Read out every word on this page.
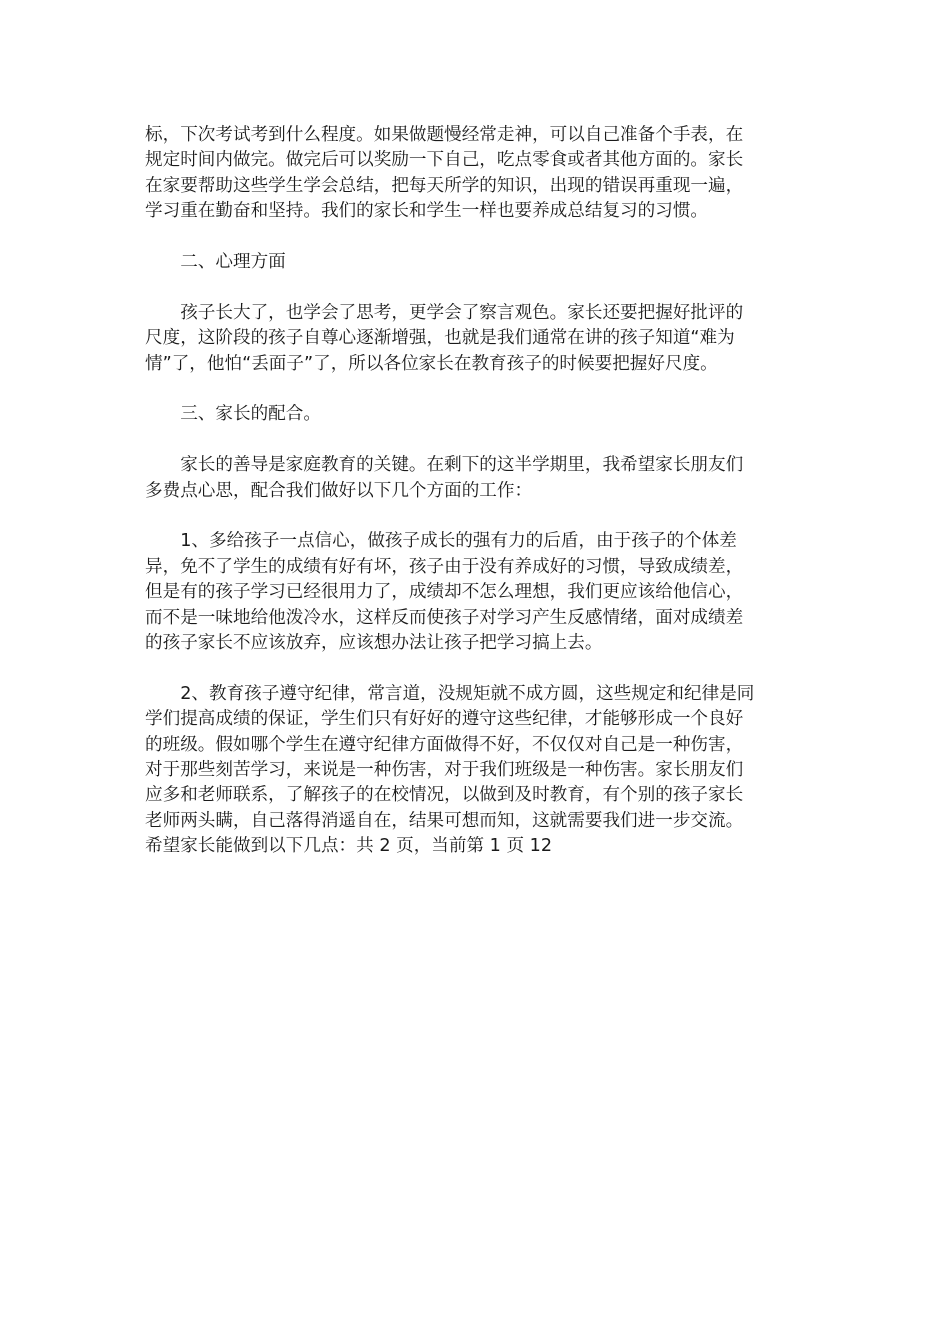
标，下次考试考到什么程度。如果做题慢经常走神，可以自己准备个手表，在
规定时间内做完。做完后可以奖励一下自己，吃点零食或者其他方面的。家长
在家要帮助这些学生学会总结，把每天所学的知识，出现的错误再重现一遍，
学习重在勤奋和坚持。我们的家长和学生一样也要养成总结复习的习惯。

二、心理方面

孩子长大了，也学会了思考，更学会了察言观色。家长还要把握好批评的
尺度，这阶段的孩子自尊心逐渐增强，也就是我们通常在讲的孩子知道“难为
情”了，他怕“丢面子”了，所以各位家长在教育孩子的时候要把握好尺度。

三、家长的配合。

家长的善导是家庭教育的关键。在剩下的这半学期里，我希望家长朋友们
多费点心思，配合我们做好以下几个方面的工作：

1、多给孩子一点信心，做孩子成长的强有力的后盾，由于孩子的个体差
异，免不了学生的成绩有好有坏，孩子由于没有养成好的习惯，导致成绩差，
但是有的孩子学习已经很用力了，成绩却不怎么理想，我们更应该给他信心，
而不是一味地给他泼冷水，这样反而使孩子对学习产生反感情绪，面对成绩差
的孩子家长不应该放弃，应该想办法让孩子把学习搞上去。

2、教育孩子遵守纪律，常言道，没规矩就不成方圆，这些规定和纪律是同
学们提高成绩的保证，学生们只有好好的遵守这些纪律，才能够形成一个良好
的班级。假如哪个学生在遵守纪律方面做得不好，不仅仅对自己是一种伤害，
对于那些刻苦学习，来说是一种伤害，对于我们班级是一种伤害。家长朋友们
应多和老师联系，了解孩子的在校情况，以做到及时教育，有个别的孩子家长
老师两头瞒，自己落得消遥自在，结果可想而知，这就需要我们进一步交流。
希望家长能做到以下几点：共 2 页，当前第 1 页 12
